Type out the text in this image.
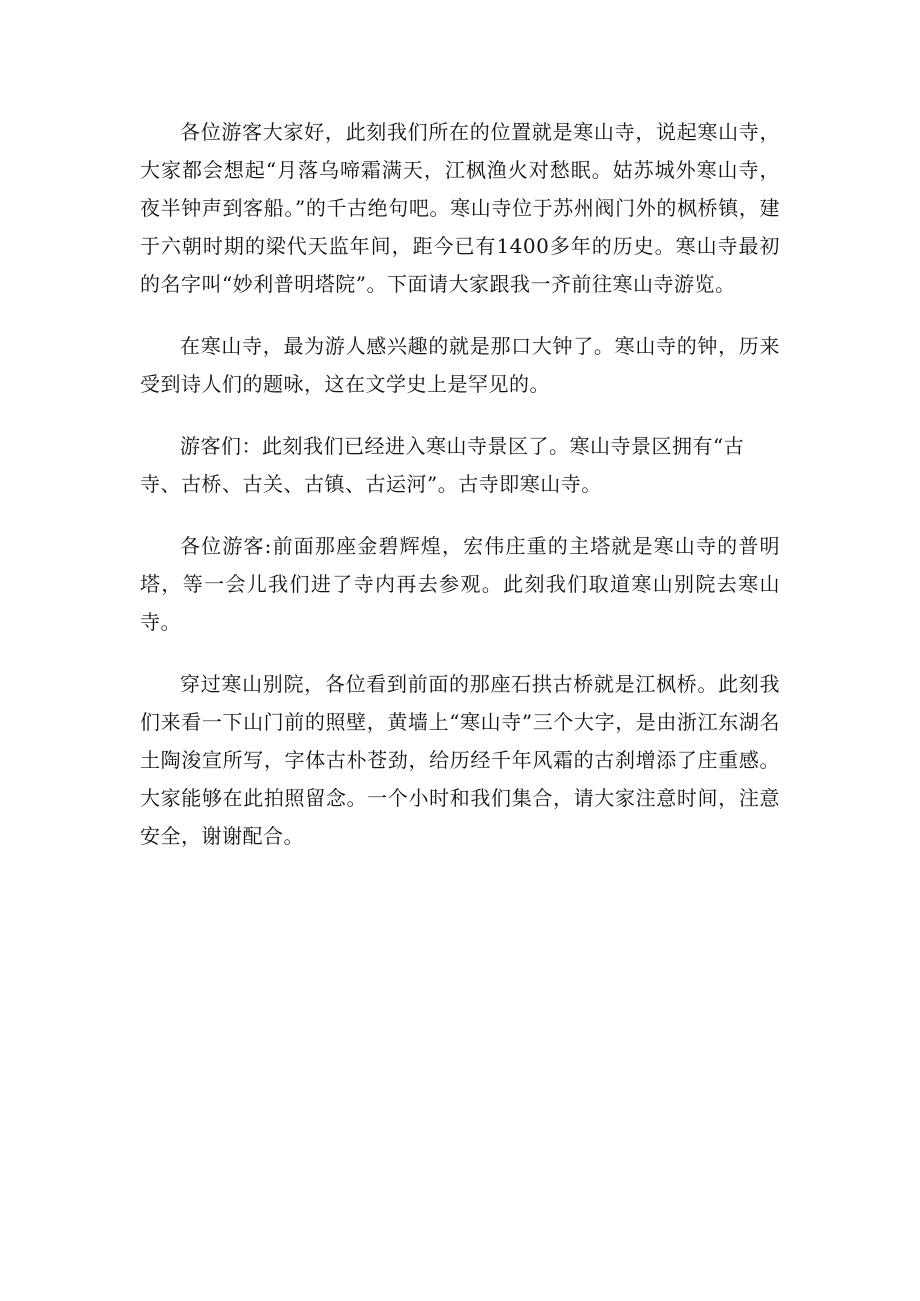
各位游客大家好，此刻我们所在的位置就是寒山寺，说起寒山寺，大家都会想起“月落乌啼霜满天，江枫渔火对愁眠。姑苏城外寒山寺，夜半钟声到客船。”的千古绝句吧。寒山寺位于苏州阀门外的枫桥镇，建于六朝时期的梁代天监年间，距今已有1400多年的历史。寒山寺最初的名字叫“妙利普明塔院”。下面请大家跟我一齐前往寒山寺游览。

在寒山寺，最为游人感兴趣的就是那口大钟了。寒山寺的钟，历来受到诗人们的题咏，这在文学史上是罕见的。

游客们：此刻我们已经进入寒山寺景区了。寒山寺景区拥有“古寺、古桥、古关、古镇、古运河”。古寺即寒山寺。

各位游客:前面那座金碧辉煌，宏伟庄重的主塔就是寒山寺的普明塔，等一会儿我们进了寺内再去参观。此刻我们取道寒山别院去寒山寺。

穿过寒山别院，各位看到前面的那座石拱古桥就是江枫桥。此刻我们来看一下山门前的照壁，黄墙上“寒山寺”三个大字，是由浙江东湖名土陶浚宣所写，字体古朴苍劲，给历经千年风霜的古刹增添了庄重感。大家能够在此拍照留念。一个小时和我们集合，请大家注意时间，注意安全，谢谢配合。
